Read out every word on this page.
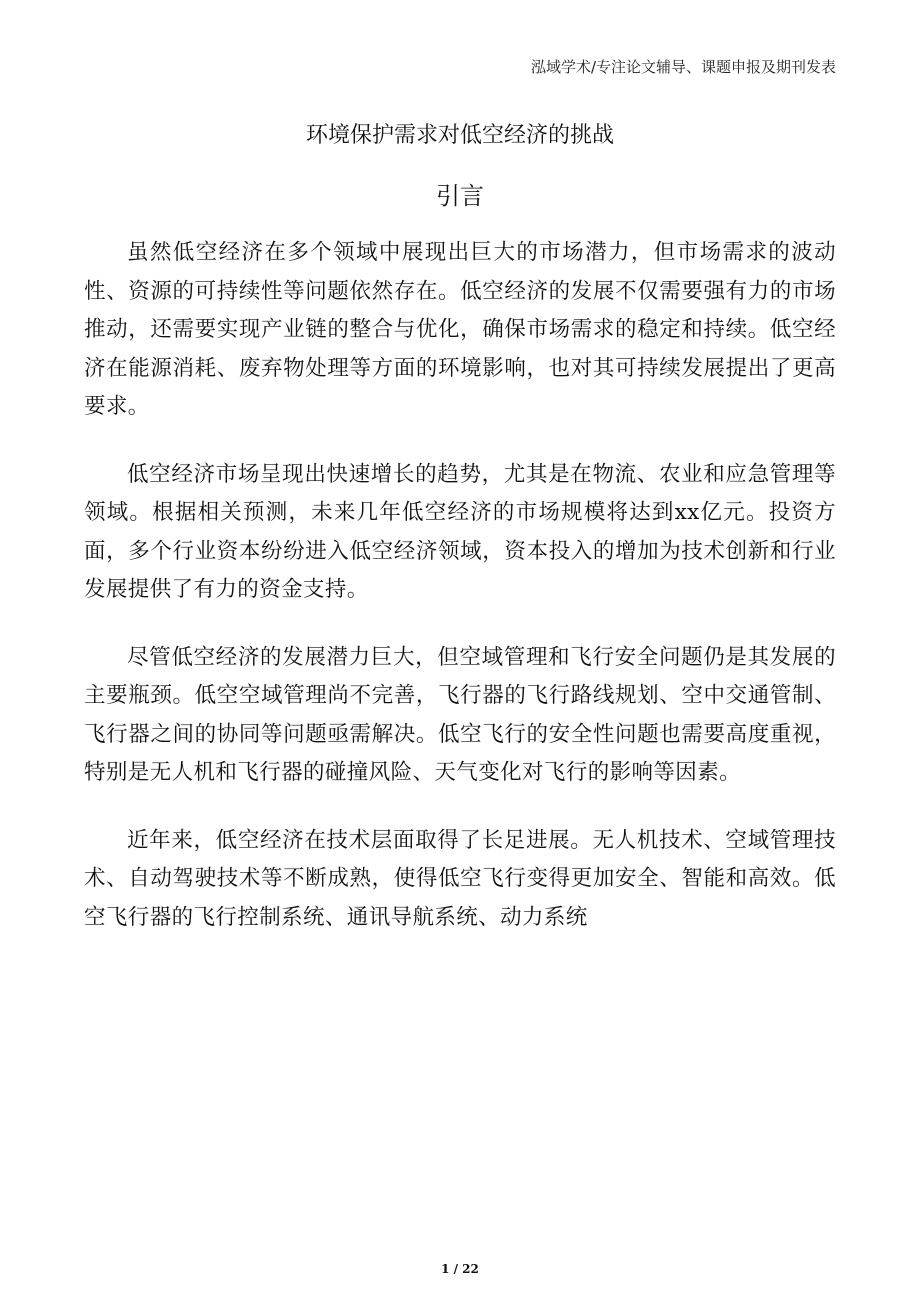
泓域学术/专注论文辅导、课题申报及期刊发表
环境保护需求对低空经济的挑战
引言

虽然低空经济在多个领域中展现出巨大的市场潜力，但市场需求的波动性、资源的可持续性等问题依然存在。低空经济的发展不仅需要强有力的市场推动，还需要实现产业链的整合与优化，确保市场需求的稳定和持续。低空经济在能源消耗、废弃物处理等方面的环境影响，也对其可持续发展提出了更高要求。

低空经济市场呈现出快速增长的趋势，尤其是在物流、农业和应急管理等领域。根据相关预测，未来几年低空经济的市场规模将达到xx亿元。投资方面，多个行业资本纷纷进入低空经济领域，资本投入的增加为技术创新和行业发展提供了有力的资金支持。

尽管低空经济的发展潜力巨大，但空域管理和飞行安全问题仍是其发展的主要瓶颈。低空空域管理尚不完善，飞行器的飞行路线规划、空中交通管制、飞行器之间的协同等问题亟需解决。低空飞行的安全性问题也需要高度重视，特别是无人机和飞行器的碰撞风险、天气变化对飞行的影响等因素。

近年来，低空经济在技术层面取得了长足进展。无人机技术、空域管理技术、自动驾驶技术等不断成熟，使得低空飞行变得更加安全、智能和高效。低空飞行器的飞行控制系统、通讯导航系统、动力系统

1 / 22
